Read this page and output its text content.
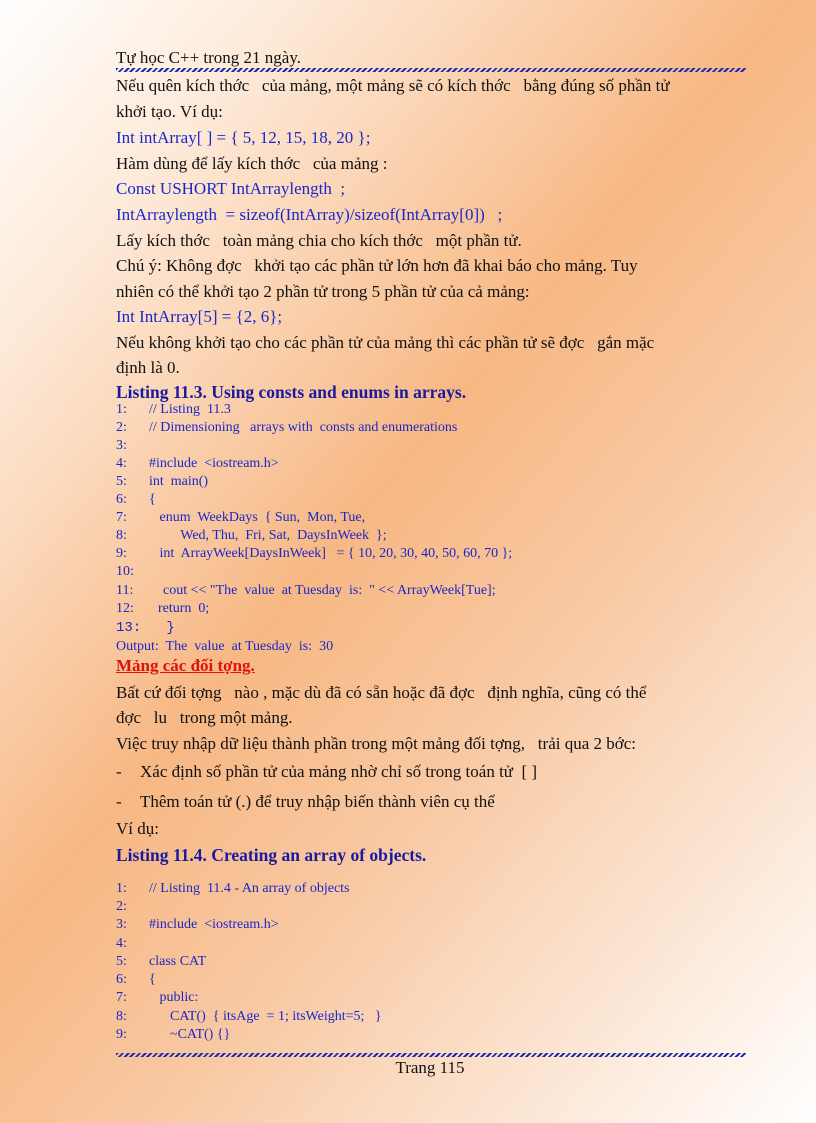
Tự học C++ trong 21 ngày.
Nếu quên kích thớc   của mảng, một mảng sẽ có kích thớc   bằng đúng số phần tử
khởi tạo. Ví dụ:
Int intArray[ ] = { 5, 12, 15, 18, 20 };
Hàm dùng để lấy kích thớc   của mảng :
Const USHORT IntArraylength  ;
IntArraylength  = sizeof(IntArray)/sizeof(IntArray[0])   ;
Lấy kích thớc   toàn mảng chia cho kích thớc   một phần tử.
Chú ý: Không đợc   khởi tạo các phần tử lớn hơn đã khai báo cho mảng. Tuy
nhiên có thể khởi tạo 2 phần tử trong 5 phần tử của cả mảng:
Int IntArray[5] = {2, 6};
Nếu không khởi tạo cho các phần tử của mảng thì các phần tử sẽ đợc   gắn mặc
định là 0.
Listing 11.3. Using consts and enums in arrays.
1: // Listing  11.3
2: // Dimensioning   arrays with  consts and enumerations
3:
4: #include  <iostream.h>
5: int  main()
6: {
7:   enum  WeekDays  { Sun,  Mon, Tue,
8:         Wed, Thu,  Fri, Sat,  DaysInWeek  };
9:   int  ArrayWeek[DaysInWeek]   = { 10, 20, 30, 40, 50, 60, 70 };
10:
11:    cout << "The  value  at Tuesday  is:  " << ArrayWeek[Tue];
12: return  0;
13:   }
Output:  The  value  at Tuesday  is:  30
Mảng các đối tợng.
Bất cứ đối tợng   nào , mặc dù đã có sẵn hoặc đã đợc   định nghĩa, cũng có thể
đợc   lu   trong một mảng.
Việc truy nhập dữ liệu thành phần trong một mảng đối tợng,   trải qua 2 bớc:
- Xác định số phần tử của mảng nhờ chỉ số trong toán tử  [ ]
- Thêm toán tử (.) để truy nhập biến thành viên cụ thể
Ví dụ:
Listing 11.4. Creating an array of objects.
1: // Listing  11.4 - An array of objects
2:
3: #include  <iostream.h>
4:
5: class CAT
6: {
7:   public:
8:      CAT()  { itsAge  = 1; itsWeight=5;   }
9:      ~CAT() {}
Trang 115
